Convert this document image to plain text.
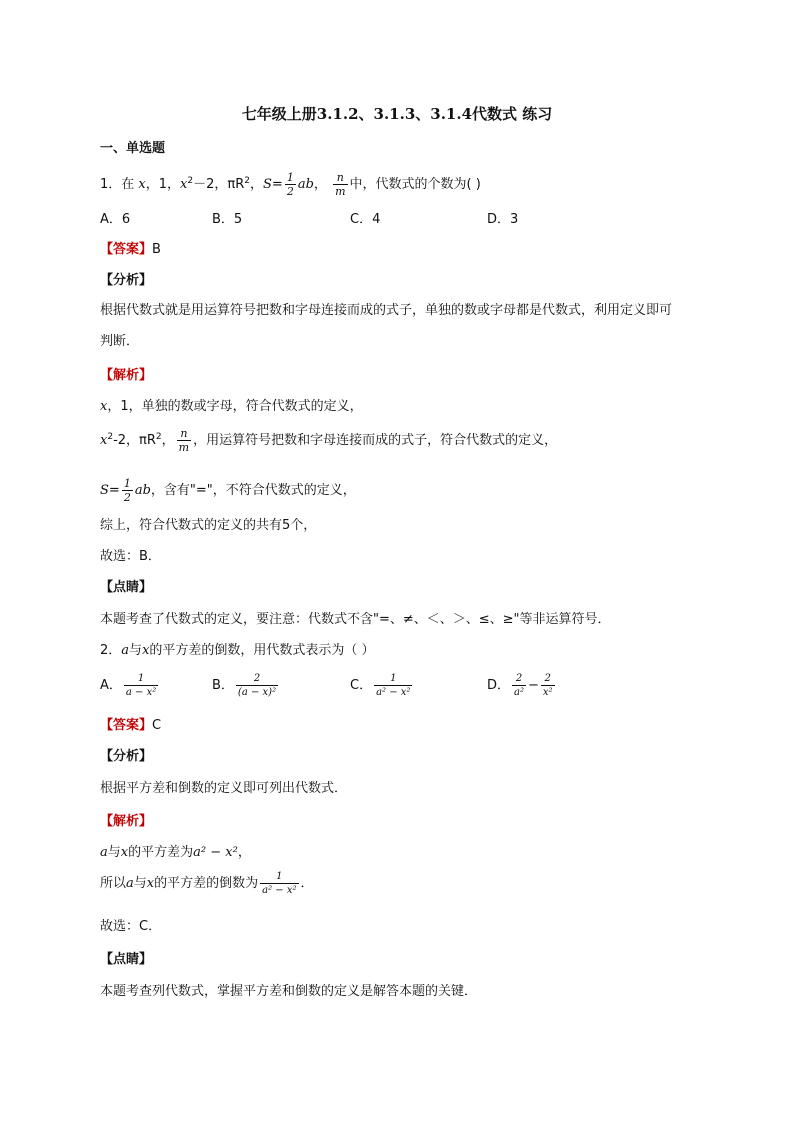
七年级上册3.1.2、3.1.3、3.1.4代数式 练习
一、单选题
1．在 x，1，$x^2-2$，$\pi R^2$，$S= \frac{1}{2}$ ab， $\frac{n}{m}$ 中，代数式的个数为( )
A．6	B．5	C．4	D．3
【答案】B
【分析】
根据代数式就是用运算符号把数和字母连接而成的式子，单独的数或字母都是代数式，利用定义即可
判断．
【解析】
x，1，单独的数或字母，符合代数式的定义，
$x^2-2$，$\pi R^2$， $\frac{n}{m}$ ，用运算符号把数和字母连接而成的式子，符合代数式的定义，
$S= \frac{1}{2}$ ab，含有"="，不符合代数式的定义，
综上，符合代数式的定义的共有5个，
故选：B．
【点睛】
本题考查了代数式的定义，要注意：代数式不含"=、≠、＜、＞、≤、≥"等非运算符号．
2．a与x的平方差的倒数，用代数式表示为（ ）
A． $\frac{1}{\text{a − x²}}$	B． $\frac{2}{\text{(a − x)²}}$	C． $\frac{1}{\text{a² − x²}}$	D． $\frac{2}{\text{a²}} - \frac{2}{\text{x²}}$
【答案】C
【分析】
根据平方差和倒数的定义即可列出代数式．
【解析】
a与x的平方差为a² − x²，
所以a与x的平方差的倒数为 $\frac{1}{\text{a² − x²}}$ ．
故选：C．
【点睛】
本题考查列代数式，掌握平方差和倒数的定义是解答本题的关键．
